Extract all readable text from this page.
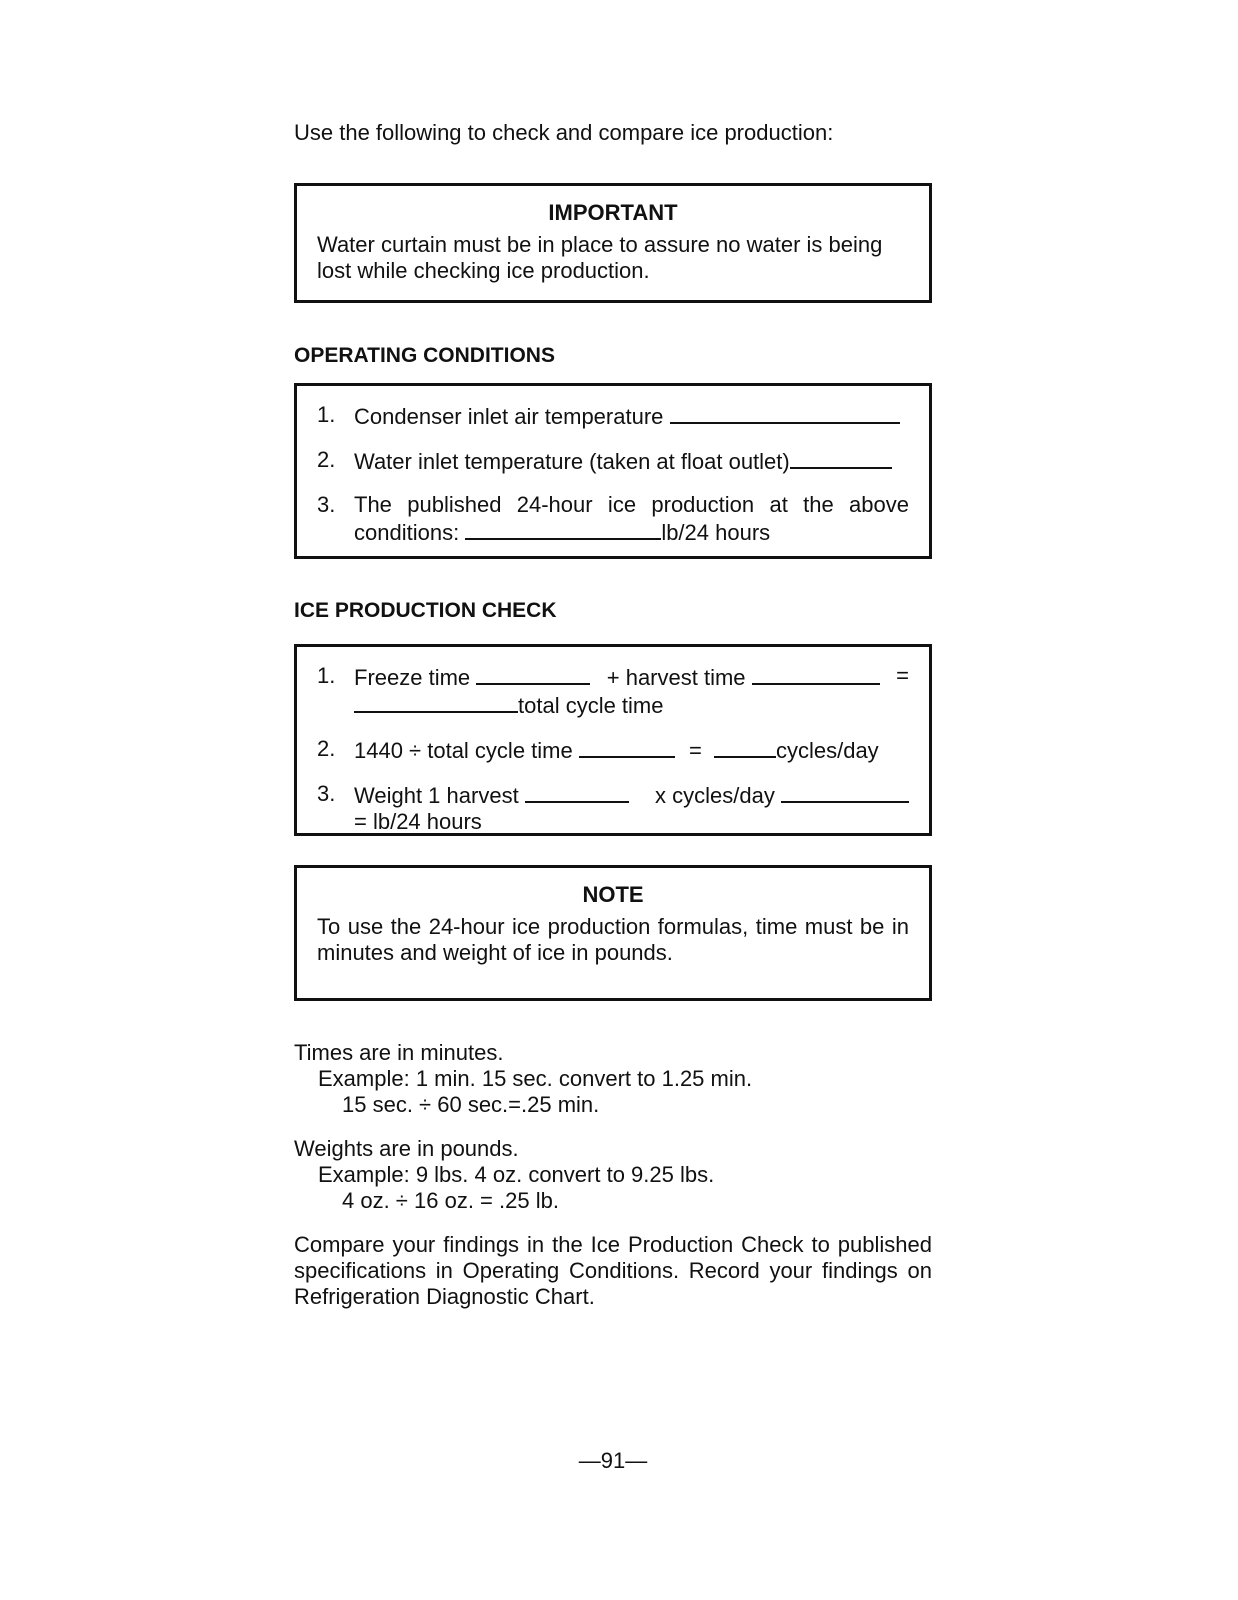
Use the following to check and compare ice production:
IMPORTANT
Water curtain must be in place to assure no water is being lost while checking ice production.
OPERATING CONDITIONS
1. Condenser inlet air temperature
2. Water inlet temperature (taken at float outlet)
3. The published 24-hour ice production at the above
conditions:	lb/24 hours
ICE PRODUCTION CHECK
1. Freeze time	+ harvest time	=
total cycle time
2. 1440 ÷ total cycle time	=	cycles/day
3. Weight 1 harvest	x cycles/day
= lb/24 hours
NOTE
To use the 24-hour ice production formulas, time must be in minutes and weight of ice in pounds.
Times are in minutes.
Example: 1 min. 15 sec. convert to 1.25 min.
15 sec. ÷ 60 sec.=.25 min.
Weights are in pounds.
Example: 9 lbs. 4 oz. convert to 9.25 lbs.
4 oz. ÷ 16 oz. = .25 lb.
Compare your findings in the Ice Production Check to published specifications in Operating Conditions. Record your findings on Refrigeration Diagnostic Chart.
—91—
